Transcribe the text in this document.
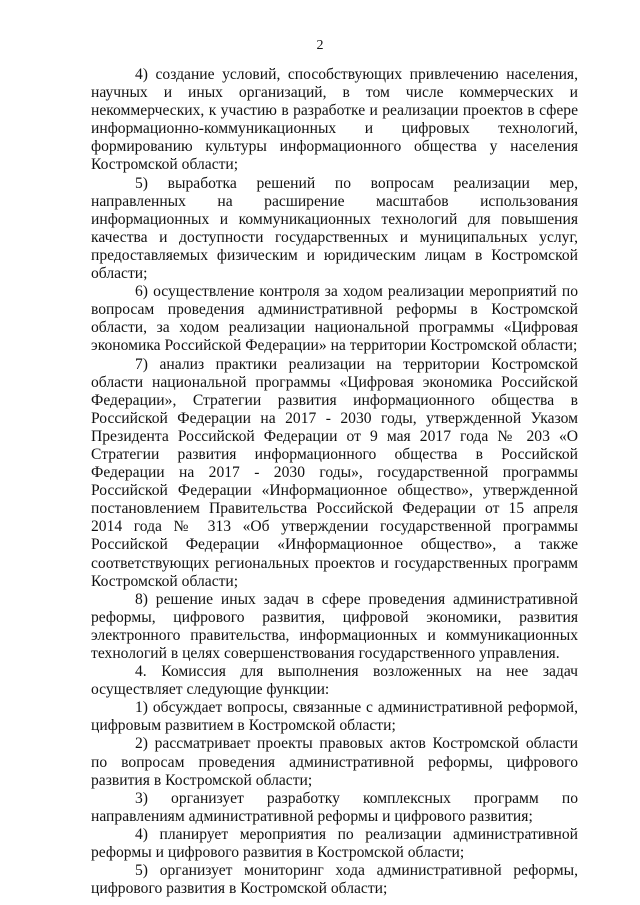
2

4) создание условий, способствующих привлечению населения, научных и иных организаций, в том числе коммерческих и некоммерческих, к участию в разработке и реализации проектов в сфере информационно-коммуникационных и цифровых технологий, формированию культуры информационного общества у населения Костромской области;

5) выработка решений по вопросам реализации мер, направленных на расширение масштабов использования информационных и коммуникационных технологий для повышения качества и доступности государственных и муниципальных услуг, предоставляемых физическим и юридическим лицам в Костромской области;

6) осуществление контроля за ходом реализации мероприятий по вопросам проведения административной реформы в Костромской области, за ходом реализации национальной программы «Цифровая экономика Российской Федерации» на территории Костромской области;

7) анализ практики реализации на территории Костромской области национальной программы «Цифровая экономика Российской Федерации», Стратегии развития информационного общества в Российской Федерации на 2017 - 2030 годы, утвержденной Указом Президента Российской Федерации от 9 мая 2017 года № 203 «О Стратегии развития информационного общества в Российской Федерации на 2017 - 2030 годы», государственной программы Российской Федерации «Информационное общество», утвержденной постановлением Правительства Российской Федерации от 15 апреля 2014 года № 313 «Об утверждении государственной программы Российской Федерации «Информационное общество», а также соответствующих региональных проектов и государственных программ Костромской области;

8) решение иных задач в сфере проведения административной реформы, цифрового развития, цифровой экономики, развития электронного правительства, информационных и коммуникационных технологий в целях совершенствования государственного управления.

4. Комиссия для выполнения возложенных на нее задач осуществляет следующие функции:

1) обсуждает вопросы, связанные с административной реформой, цифровым развитием в Костромской области;

2) рассматривает проекты правовых актов Костромской области по вопросам проведения административной реформы, цифрового развития в Костромской области;

3) организует разработку комплексных программ по направлениям административной реформы и цифрового развития;

4) планирует мероприятия по реализации административной реформы и цифрового развития в Костромской области;

5) организует мониторинг хода административной реформы, цифрового развития в Костромской области;
